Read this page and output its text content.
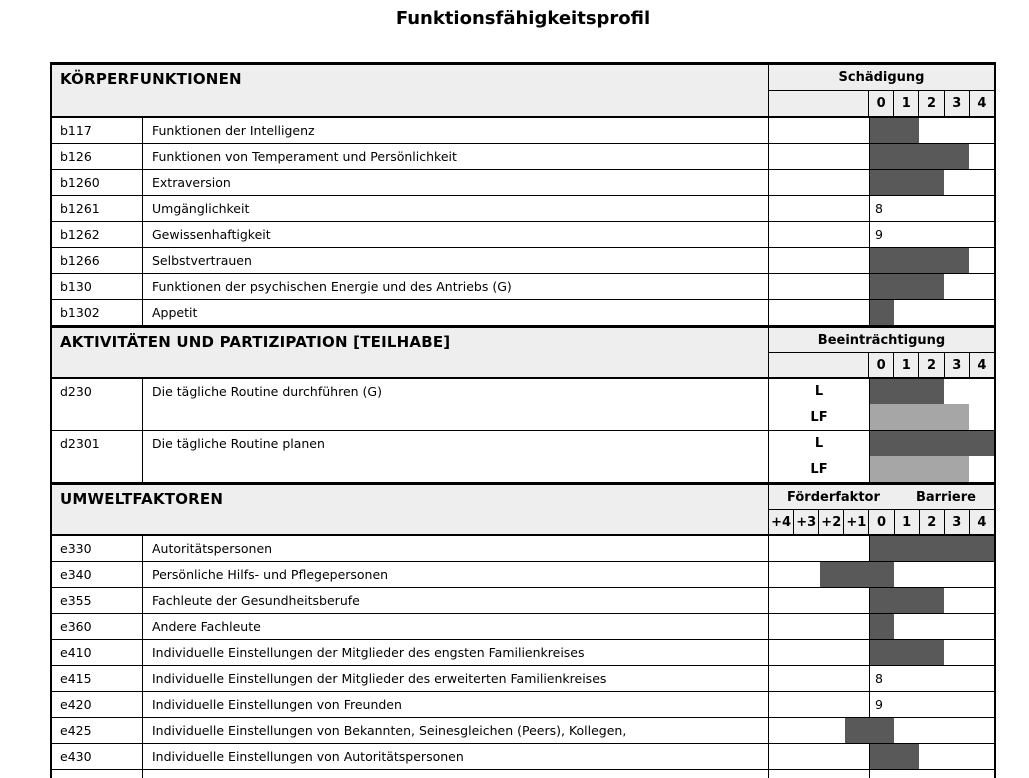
Funktionsfähigkeitsprofil
KÖRPERFUNKTIONEN	Schädigung
0	1	2	3	4
b117	Funktionen der Intelligenz
b126	Funktionen von Temperament und Persönlichkeit
b1260	Extraversion
b1261	Umgänglichkeit	8
b1262	Gewissenhaftigkeit	9
b1266	Selbstvertrauen
b130	Funktionen der psychischen Energie und des Antriebs (G)
b1302	Appetit
AKTIVITÄTEN UND PARTIZIPATION [TEILHABE]	Beeinträchtigung
0	1	2	3	4
d230	Die tägliche Routine durchführen (G)	L
LF
d2301	Die tägliche Routine planen	L
LF
UMWELTFAKTOREN	Förderfaktor	Barriere
+4 +3 +2 +1 0	1	2	3	4
e330	Autoritätspersonen
e340	Persönliche Hilfs- und Pflegepersonen
e355	Fachleute der Gesundheitsberufe
e360	Andere Fachleute
e410	Individuelle Einstellungen der Mitglieder des engsten Familienkreises
e415	Individuelle Einstellungen der Mitglieder des erweiterten Familienkreises	8
e420	Individuelle Einstellungen von Freunden	9
e425	Individuelle Einstellungen von Bekannten, Seinesgleichen (Peers), Kollegen,
e430	Individuelle Einstellungen von Autoritätspersonen
